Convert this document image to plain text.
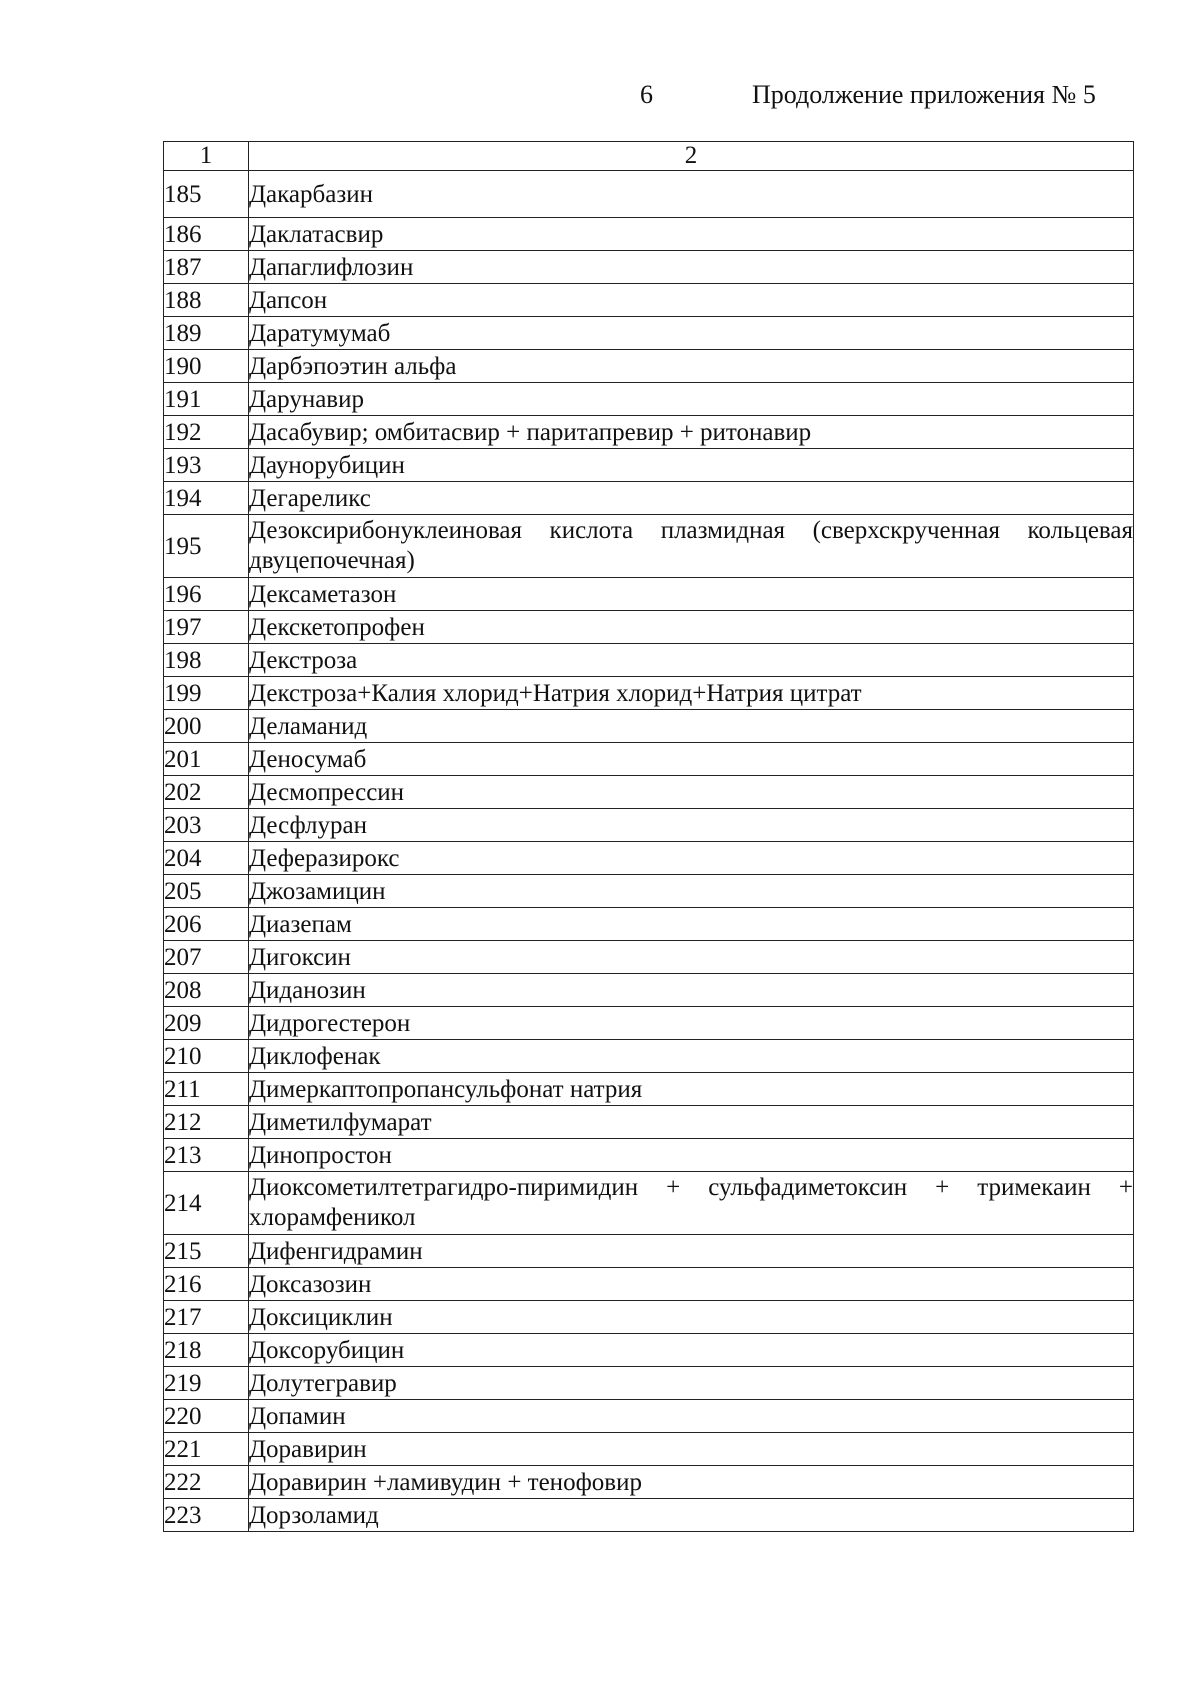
6	Продолжение приложения № 5
1	2
185	Дакарбазин
186	Даклатасвир
187	Дапаглифлозин
188	Дапсон
189	Даратумумаб
190	Дарбэпоэтин альфа
191	Дарунавир
192	Дасабувир; омбитасвир + паритапревир + ритонавир
193	Даунорубицин
194	Дегареликс
195	Дезоксирибонуклеиновая кислота плазмидная (сверхскрученная кольцевая двуцепочечная)
196	Дексаметазон
197	Декскетопрофен
198	Декстроза
199	Декстроза+Калия хлорид+Натрия хлорид+Натрия цитрат
200	Деламанид
201	Деносумаб
202	Десмопрессин
203	Десфлуран
204	Деферазирокс
205	Джозамицин
206	Диазепам
207	Дигоксин
208	Диданозин
209	Дидрогестерон
210	Диклофенак
211	Димеркаптопропансульфонат натрия
212	Диметилфумарат
213	Динопростон
214	Диоксометилтетрагидро-пиримидин + сульфадиметоксин + тримекаин + хлорамфеникол
215	Дифенгидрамин
216	Доксазозин
217	Доксициклин
218	Доксорубицин
219	Долутегравир
220	Допамин
221	Доравирин
222	Доравирин +ламивудин + тенофовир
223	Дорзоламид
